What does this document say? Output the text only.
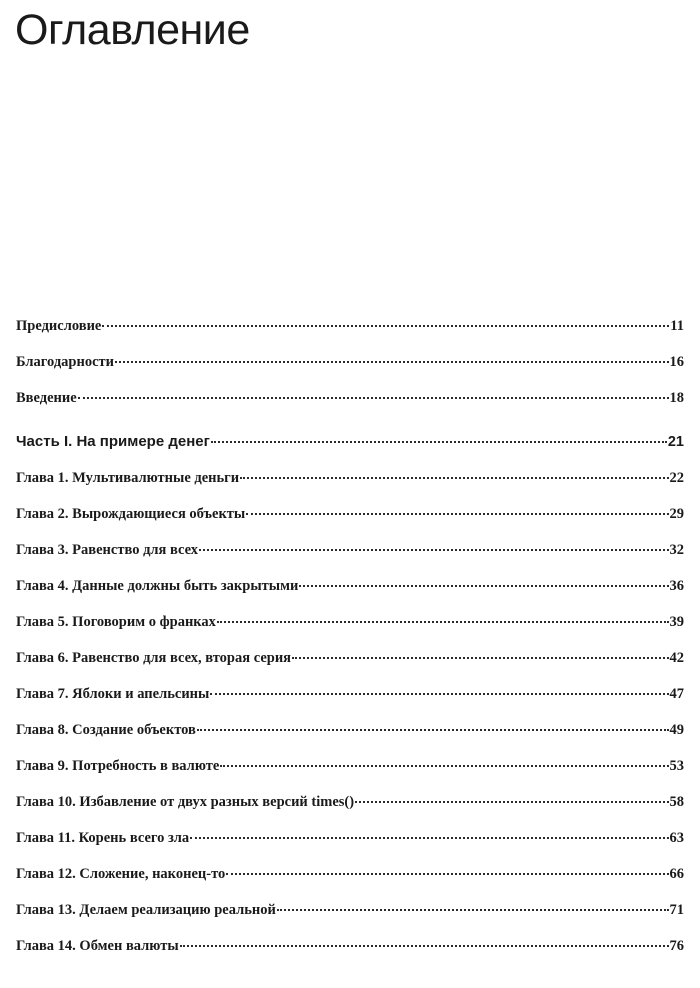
Оглавление
Предисловие	11
Благодарности	16
Введение	18
Часть I. На примере денег	21
Глава 1. Мультивалютные деньги	22
Глава 2. Вырождающиеся объекты	29
Глава 3. Равенство для всех	32
Глава 4. Данные должны быть закрытыми	36
Глава 5. Поговорим о франках	39
Глава 6. Равенство для всех, вторая серия	42
Глава 7. Яблоки и апельсины	47
Глава 8. Создание объектов	49
Глава 9. Потребность в валюте	53
Глава 10. Избавление от двух разных версий times()	58
Глава 11. Корень всего зла	63
Глава 12. Сложение, наконец-то	66
Глава 13. Делаем реализацию реальной	71
Глава 14. Обмен валюты	76
